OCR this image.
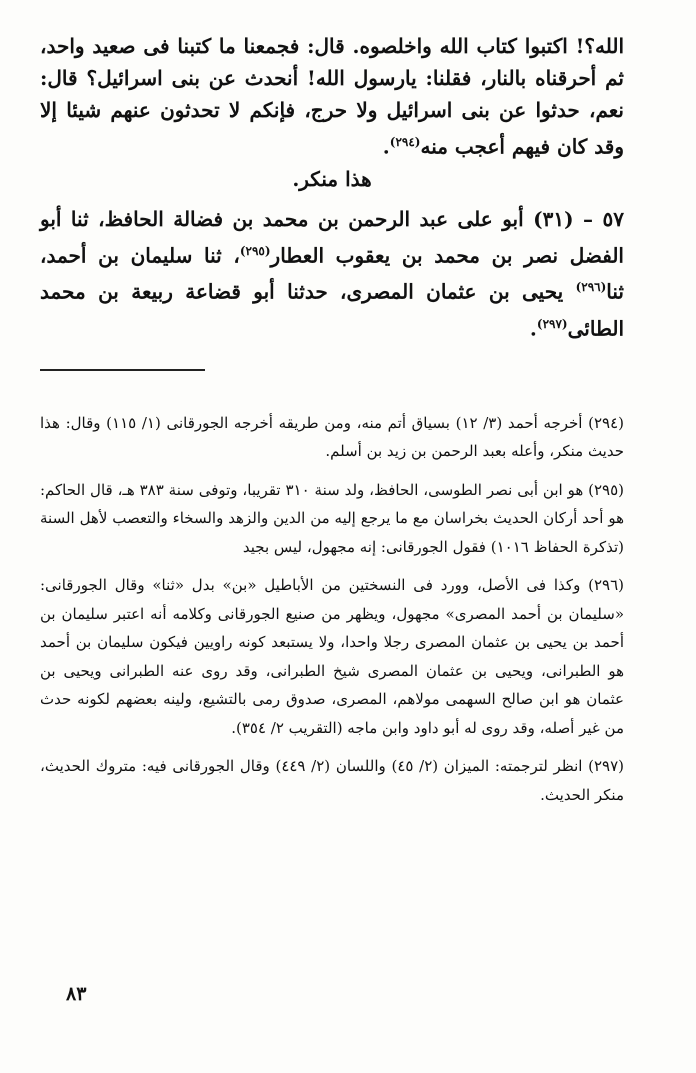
الله؟! اكتبوا كتاب الله واخلصوه. قال: فجمعنا ما كتبنا فى صعيد واحد، ثم أحرقناه بالنار، فقلنا: يارسول الله! أنحدث عن بنى اسرائيل؟ قال: نعم، حدثوا عن بنى اسرائيل ولا حرج، فإنكم لا تحدثون عنهم شيئا إلا وقد كان فيهم أعجب منه$^{(٢٩٤)}$.

هذا منكر.

٥٧ – (٣١) أبو على عبد الرحمن بن محمد بن فضالة الحافظ، ثنا أبو الفضل نصر بن محمد بن يعقوب العطار$^{(٢٩٥)}$، ثنا سليمان بن أحمد، ثنا$^{(٢٩٦)}$ يحيى بن عثمان المصرى، حدثنا أبو قضاعة ربيعة بن محمد الطائى$^{(٢٩٧)}$.

(٢٩٤) أخرجه أحمد (٣/ ١٢) بسياق أتم منه، ومن طريقه أخرجه الجورقانى (١/ ١١٥) وقال: هذا حديث منكر، وأعله بعبد الرحمن بن زيد بن أسلم.

(٢٩٥) هو ابن أبى نصر الطوسى، الحافظ، ولد سنة ٣١٠ تقريبا، وتوفى سنة ٣٨٣ هـ، قال الحاكم: هو أحد أركان الحديث بخراسان مع ما يرجع إليه من الدين والزهد والسخاء والتعصب لأهل السنة (تذكرة الحفاظ ١٠١٦) فقول الجورقانى: إنه مجهول، ليس بجيد

(٢٩٦) وكذا فى الأصل، وورد فى النسختين من الأباطيل «بن» بدل «ثنا» وقال الجورقانى: «سليمان بن أحمد المصرى» مجهول، ويظهر من صنيع الجورقانى وكلامه أنه اعتبر سليمان بن أحمد بن يحيى بن عثمان المصرى رجلا واحدا، ولا يستبعد كونه راويين فيكون سليمان بن أحمد هو الطبرانى، ويحيى بن عثمان المصرى شيخ الطبرانى، وقد روى عنه الطبرانى ويحيى بن عثمان هو ابن صالح السهمى مولاهم، المصرى، صدوق رمى بالتشيع، ولينه بعضهم لكونه حدث من غير أصله، وقد روى له أبو داود وابن ماجه (التقريب ٢/ ٣٥٤).

(٢٩٧) انظر لترجمته: الميزان (٢/ ٤٥) واللسان (٢/ ٤٤٩) وقال الجورقانى فيه: متروك الحديث، منكر الحديث.

٨٣
